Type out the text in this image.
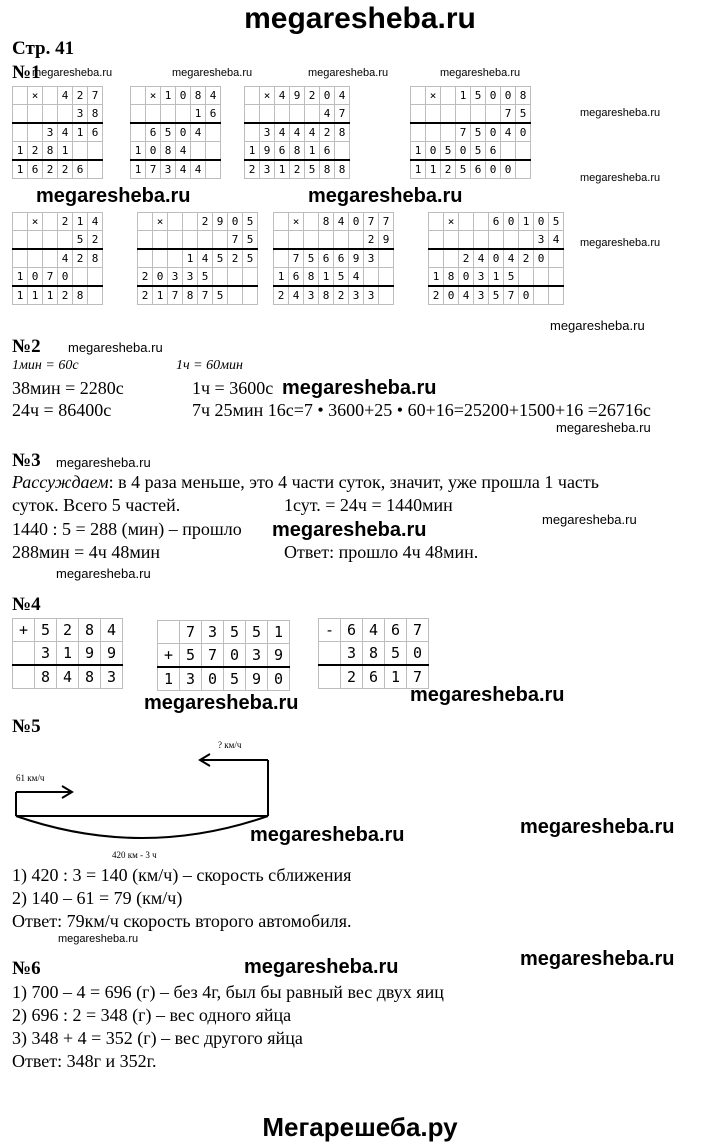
megaresheba.ru
Стр. 41
№1
megaresheba.ru	megaresheba.ru	megaresheba.ru	megaresheba.ru
megaresheba.ru
megaresheba.ru
megaresheba.ru	megaresheba.ru
megaresheba.ru
	×		4	2	7
				3	8
		3	4	1	6
1	2	8	1		
1	6	2	2	6	
	×	1	0	8	4
				1	6
	6	5	0	4	
1	0	8	4		
1	7	3	4	4	
	×	4	9	2	0	4
					4	7
	3	4	4	4	2	8
1	9	6	8	1	6	
2	3	1	2	5	8	8
	×		1	5	0	0	8
						7	5
			7	5	0	4	0
1	0	5	0	5	6		
1	1	2	5	6	0	0	
	×		2	1	4
				5	2
			4	2	8
1	0	7	0		
1	1	1	2	8	
	×			2	9	0	5
						7	5
			1	4	5	2	5
2	0	3	3	5			
2	1	7	8	7	5		
	×		8	4	0	7	7
						2	9
	7	5	6	6	9	3	
1	6	8	1	5	4		
2	4	3	8	2	3	3	
	×			6	0	1	0	5
							3	4
		2	4	0	4	2	0	
1	8	0	3	1	5			
2	0	4	3	5	7	0		
megaresheba.ru
№2 megaresheba.ru
1мин = 60с	1ч = 60мин
38мин = 2280с	1ч = 3600с megaresheba.ru
24ч = 86400с	7ч 25мин 16с=7 • 3600+25 • 60+16=25200+1500+16 =26716с
megaresheba.ru
№3 megaresheba.ru
Рассуждаем: в 4 раза меньше, это 4 части суток, значит, уже прошла 1 часть
суток. Всего 5 частей.	1сут. = 24ч = 1440мин
megaresheba.ru
1440 : 5 = 288 (мин) – прошло megaresheba.ru
288мин = 4ч 48мин	Ответ: прошло 4ч 48мин.
megaresheba.ru
№4
+	5	2	8	4
	3	1	9	9
	8	4	8	3
	7	3	5	5	1
+	5	7	0	3	9
1	3	0	5	9	0
-	6	4	6	7
	3	8	5	0
	2	6	1	7
megaresheba.ru
megaresheba.ru
№5
61 км/ч
? км/ч
420 км - 3 ч
megaresheba.ru	megaresheba.ru
1) 420 : 3 = 140 (км/ч) – скорость сближения
2) 140 – 61 = 79 (км/ч)
Ответ: 79км/ч скорость второго автомобиля.
megaresheba.ru
№6	megaresheba.ru	megaresheba.ru
1) 700 – 4 = 696 (г) – без 4г, был бы равный вес двух яиц
2) 696 : 2 = 348 (г) – вес одного яйца
3) 348 + 4 = 352 (г) – вес другого яйца
Ответ: 348г и 352г.
Мегарешеба.ру
